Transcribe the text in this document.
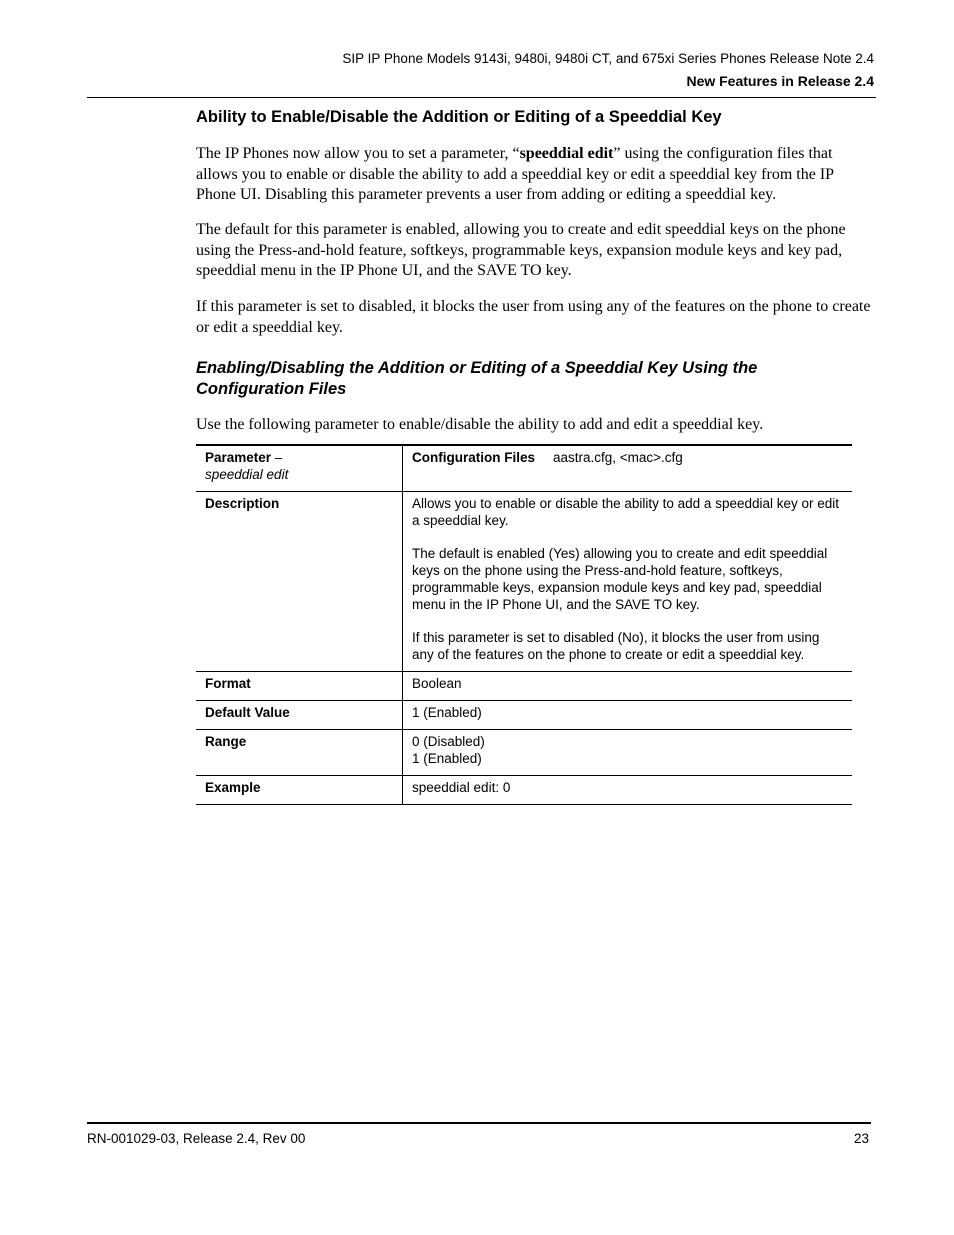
SIP IP Phone Models 9143i, 9480i, 9480i CT, and 675xi Series Phones Release Note 2.4
New Features in Release 2.4
Ability to Enable/Disable the Addition or Editing of a Speeddial Key

The IP Phones now allow you to set a parameter, “speeddial edit” using the configuration files that allows you to enable or disable the ability to add a speeddial key or edit a speeddial key from the IP Phone UI. Disabling this parameter prevents a user from adding or editing a speeddial key.

The default for this parameter is enabled, allowing you to create and edit speeddial keys on the phone using the Press-and-hold feature, softkeys, programmable keys, expansion module keys and key pad, speeddial menu in the IP Phone UI, and the SAVE TO key.

If this parameter is set to disabled, it blocks the user from using any of the features on the phone to create or edit a speeddial key.

Enabling/Disabling the Addition or Editing of a Speeddial Key Using the Configuration Files

Use the following parameter to enable/disable the ability to add and edit a speeddial key.

Parameter –
speeddial edit	Configuration Files aastra.cfg, <mac>.cfg
Description	Allows you to enable or disable the ability to add a speeddial key or edit a speeddial key.

The default is enabled (Yes) allowing you to create and edit speeddial keys on the phone using the Press-and-hold feature, softkeys, programmable keys, expansion module keys and key pad, speeddial menu in the IP Phone UI, and the SAVE TO key.

If this parameter is set to disabled (No), it blocks the user from using any of the features on the phone to create or edit a speeddial key.

Format	Boolean
Default Value	1 (Enabled)
Range	0 (Disabled)
1 (Enabled)
Example	speeddial edit: 0
RN-001029-03, Release 2.4, Rev 00	23
